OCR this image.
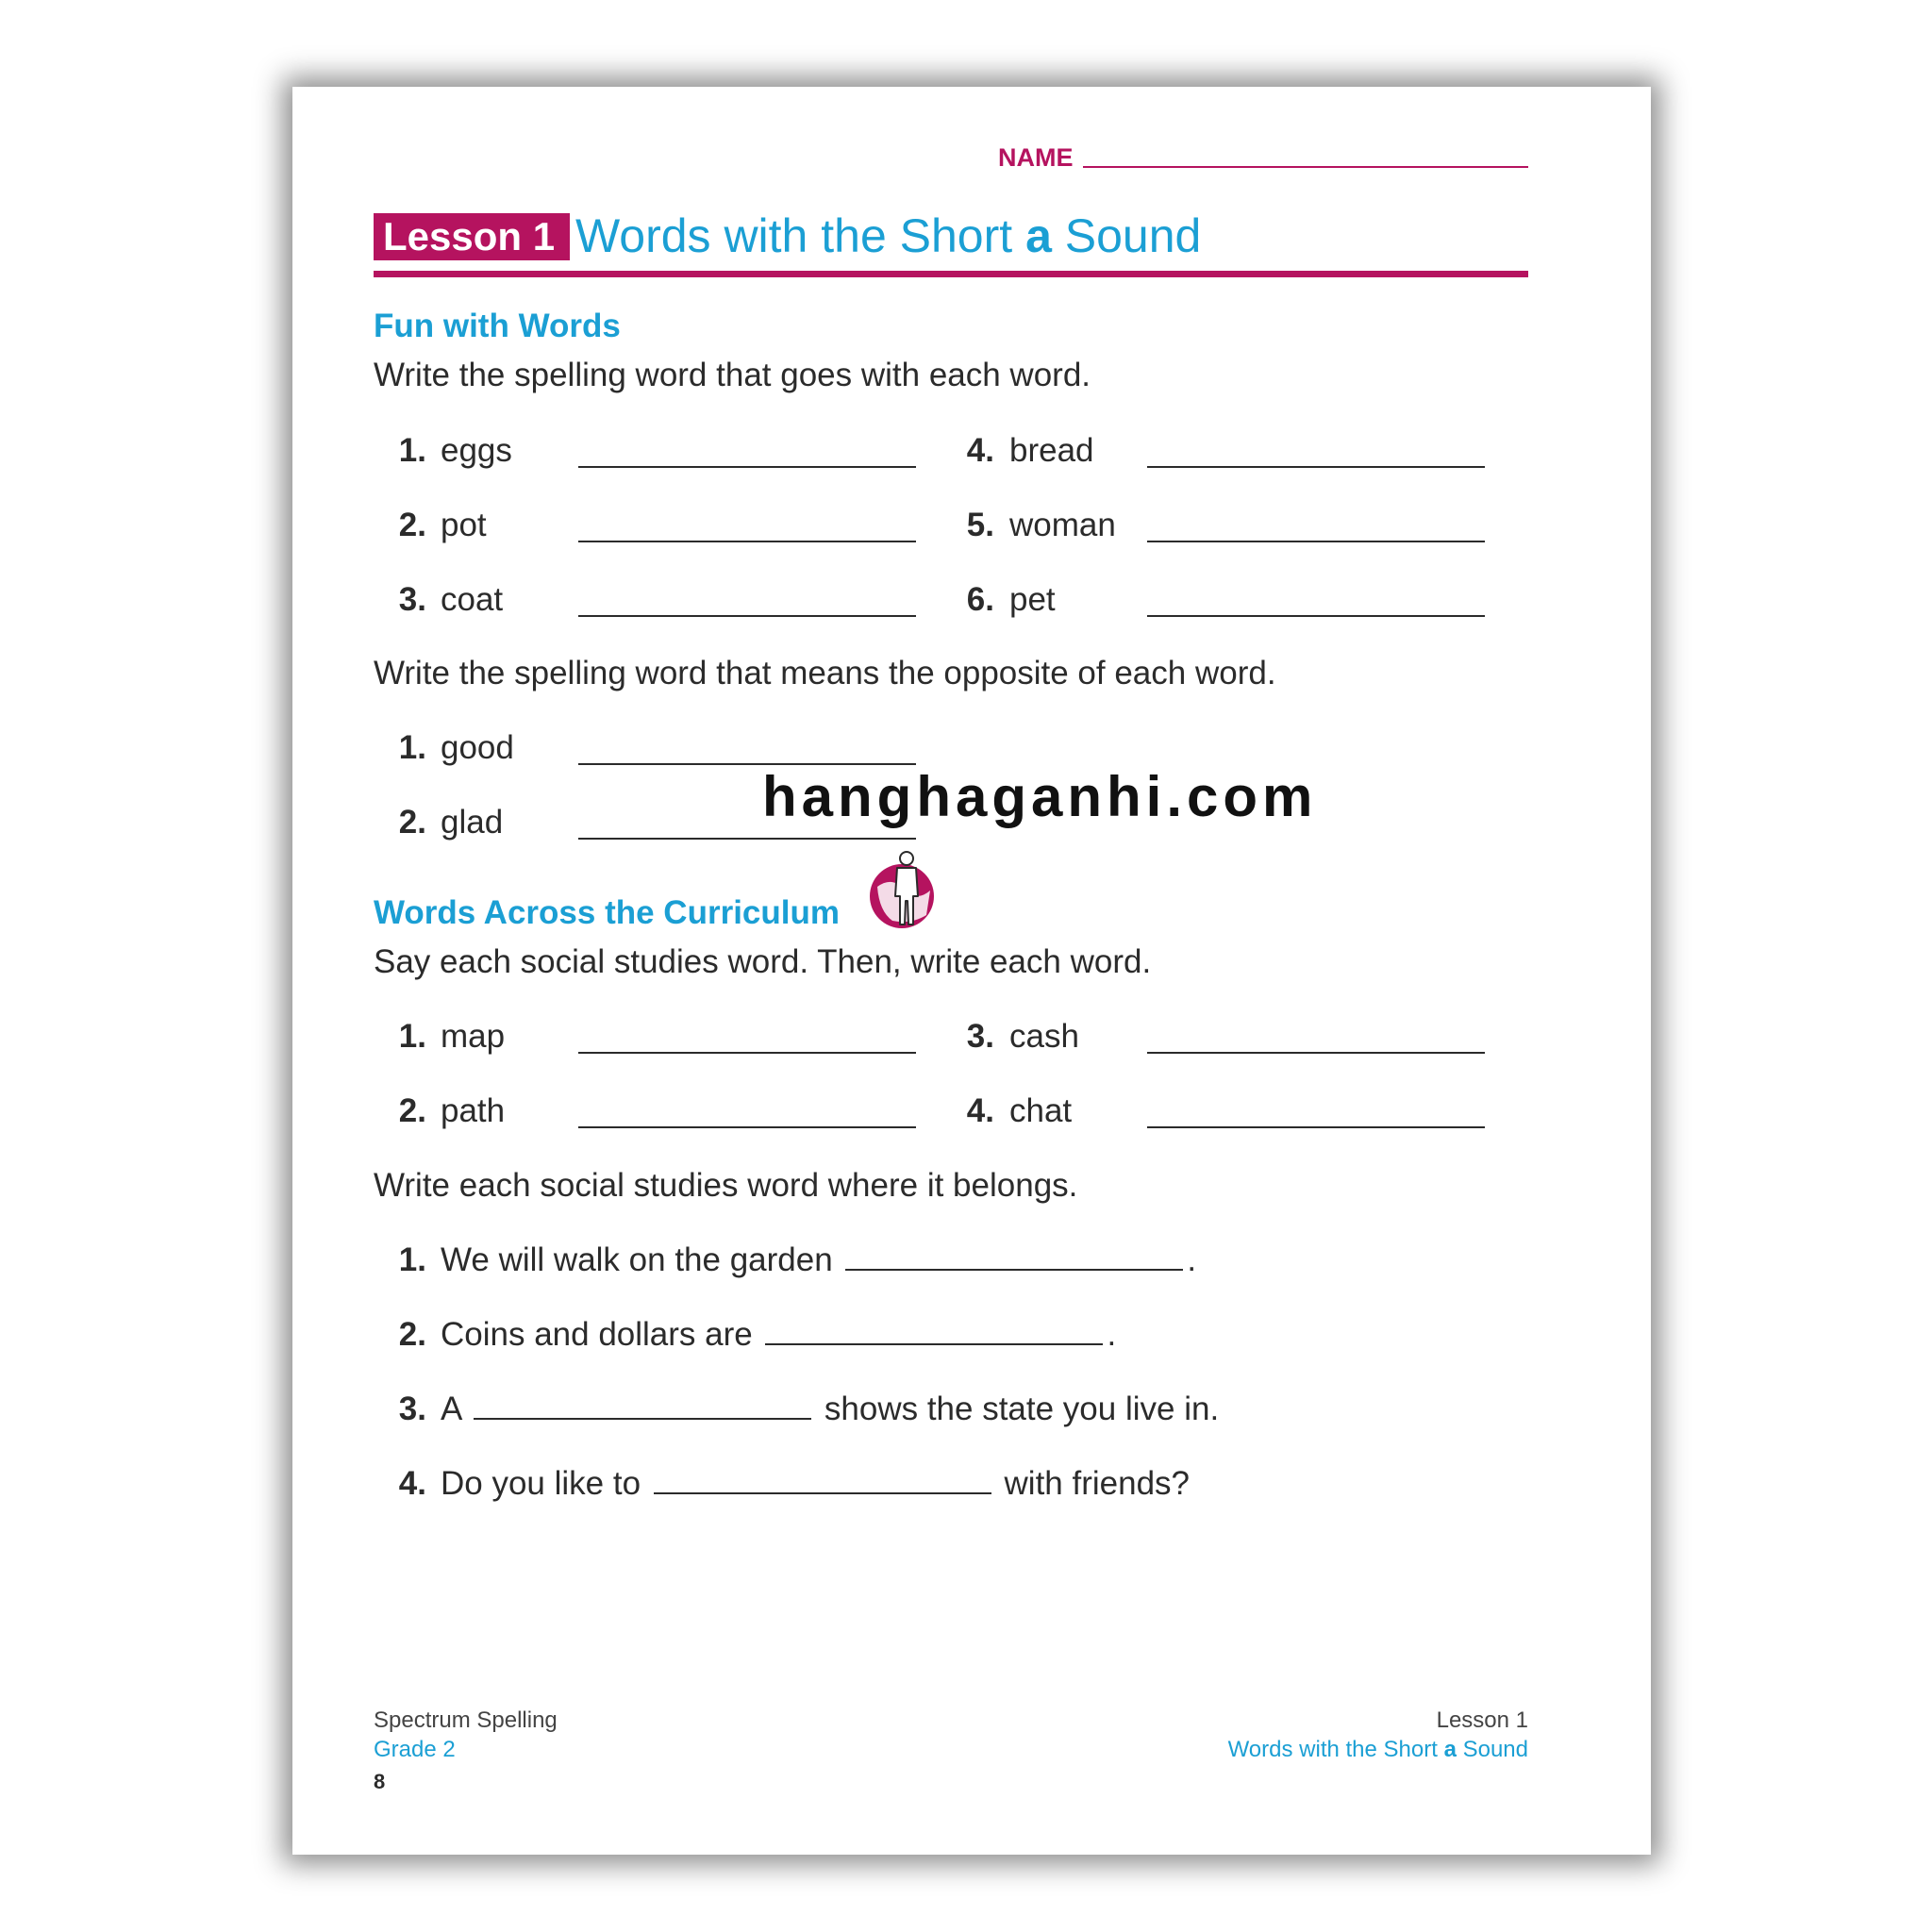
NAME
Lesson 1 Words with the Short a Sound
Fun with Words
Write the spelling word that goes with each word.
1. eggs
2. pot
3. coat
4. bread
5. woman
6. pet
Write the spelling word that means the opposite of each word.
1. good
2. glad
Words Across the Curriculum
Say each social studies word. Then, write each word.
1. map
2. path
3. cash
4. chat
Write each social studies word where it belongs.
1. We will walk on the garden	.
2. Coins and dollars are	.
3. A	shows the state you live in.
4. Do you like to	with friends?
hanghaganhi.com
Spectrum Spelling
Grade 2
8
Lesson 1
Words with the Short a Sound
